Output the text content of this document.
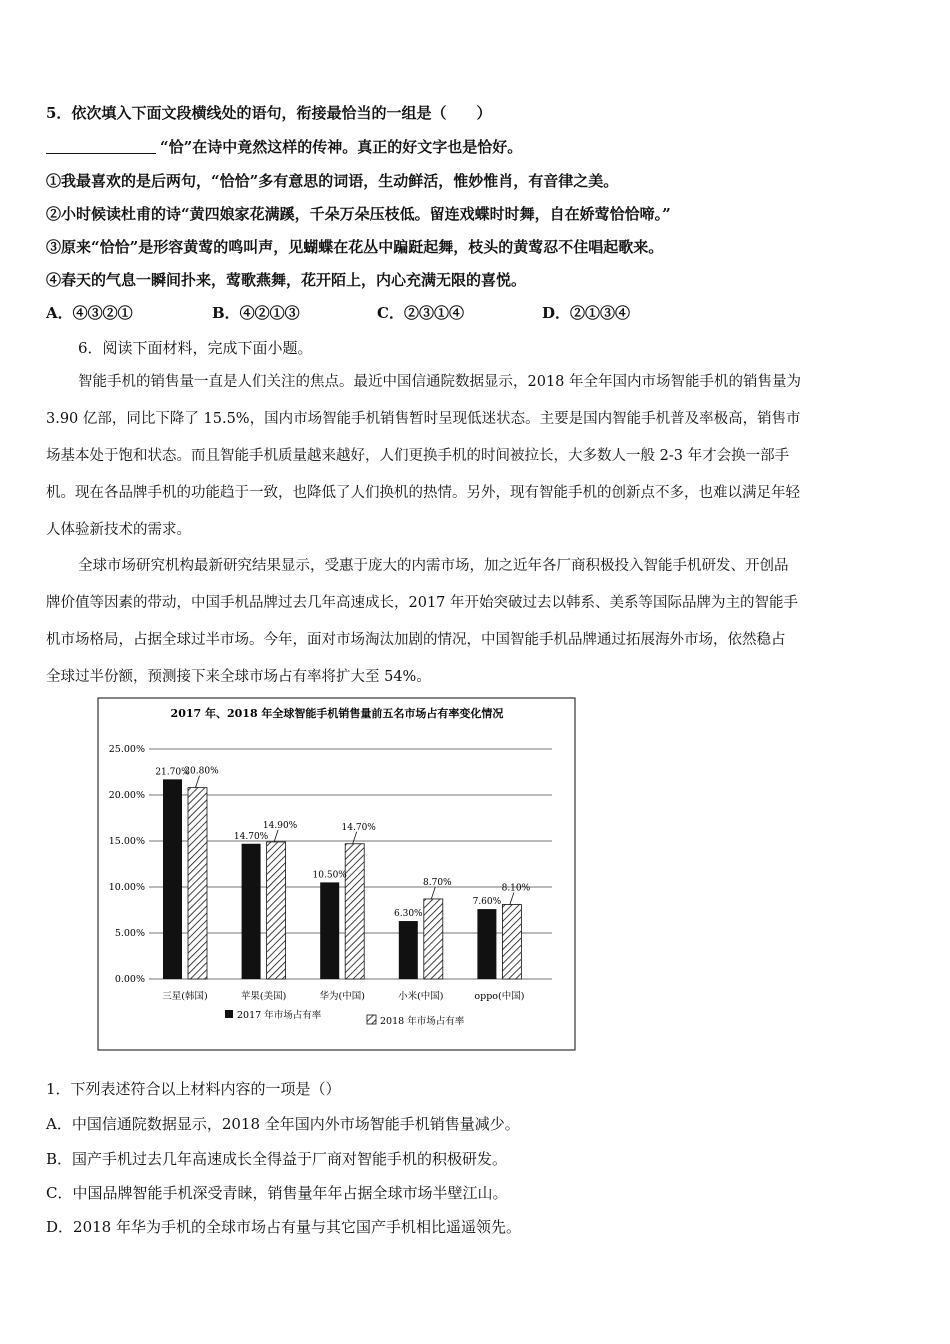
5．依次填入下面文段横线处的语句，衔接最恰当的一组是（　　）
“恰”在诗中竟然这样的传神。真正的好文字也是恰好。
①我最喜欢的是后两句，“恰恰”多有意思的词语，生动鲜活，惟妙惟肖，有音律之美。
②小时候读杜甫的诗“黄四娘家花满蹊，千朵万朵压枝低。留连戏蝶时时舞，自在娇莺恰恰啼。”
③原来“恰恰”是形容黄莺的鸣叫声，见蝴蝶在花丛中蹁跹起舞，枝头的黄莺忍不住唱起歌来。
④春天的气息一瞬间扑来，莺歌燕舞，花开陌上，内心充满无限的喜悦。
A．④③②①	B．④②①③	C．②③①④	D．②①③④
6．阅读下面材料，完成下面小题。
智能手机的销售量一直是人们关注的焦点。最近中国信通院数据显示，2018 年全年国内市场智能手机的销售量为
3.90 亿部，同比下降了 15.5%，国内市场智能手机销售暂时呈现低迷状态。主要是国内智能手机普及率极高，销售市
场基本处于饱和状态。而且智能手机质量越来越好，人们更换手机的时间被拉长，大多数人一般 2-3 年才会换一部手
机。现在各品牌手机的功能趋于一致，也降低了人们换机的热情。另外，现有智能手机的创新点不多，也难以满足年轻
人体验新技术的需求。
全球市场研究机构最新研究结果显示，受惠于庞大的内需市场，加之近年各厂商积极投入智能手机研发、开创品
牌价值等因素的带动，中国手机品牌过去几年高速成长，2017 年开始突破过去以韩系、美系等国际品牌为主的智能手
机市场格局，占据全球过半市场。今年，面对市场淘汰加剧的情况，中国智能手机品牌通过拓展海外市场，依然稳占
全球过半份额，预测接下来全球市场占有率将扩大至 54%。
2017 年、2018 年全球智能手机销售量前五名市场占有率变化情况
0.00%
5.00%
10.00%
15.00%
20.00%
25.00%
21.70%
20.80%
三星(韩国)
14.70%
14.90%
苹果(美国)
10.50%
14.70%
华为(中国)
6.30%
8.70%
小米(中国)
7.60%
8.10%
oppo(中国)
2017 年市场占有率
2018 年市场占有率
1．下列表述符合以上材料内容的一项是（）
A．中国信通院数据显示，2018 全年国内外市场智能手机销售量减少。
B．国产手机过去几年高速成长全得益于厂商对智能手机的积极研发。
C．中国品牌智能手机深受青睐，销售量年年占据全球市场半壁江山。
D．2018 年华为手机的全球市场占有量与其它国产手机相比遥遥领先。
